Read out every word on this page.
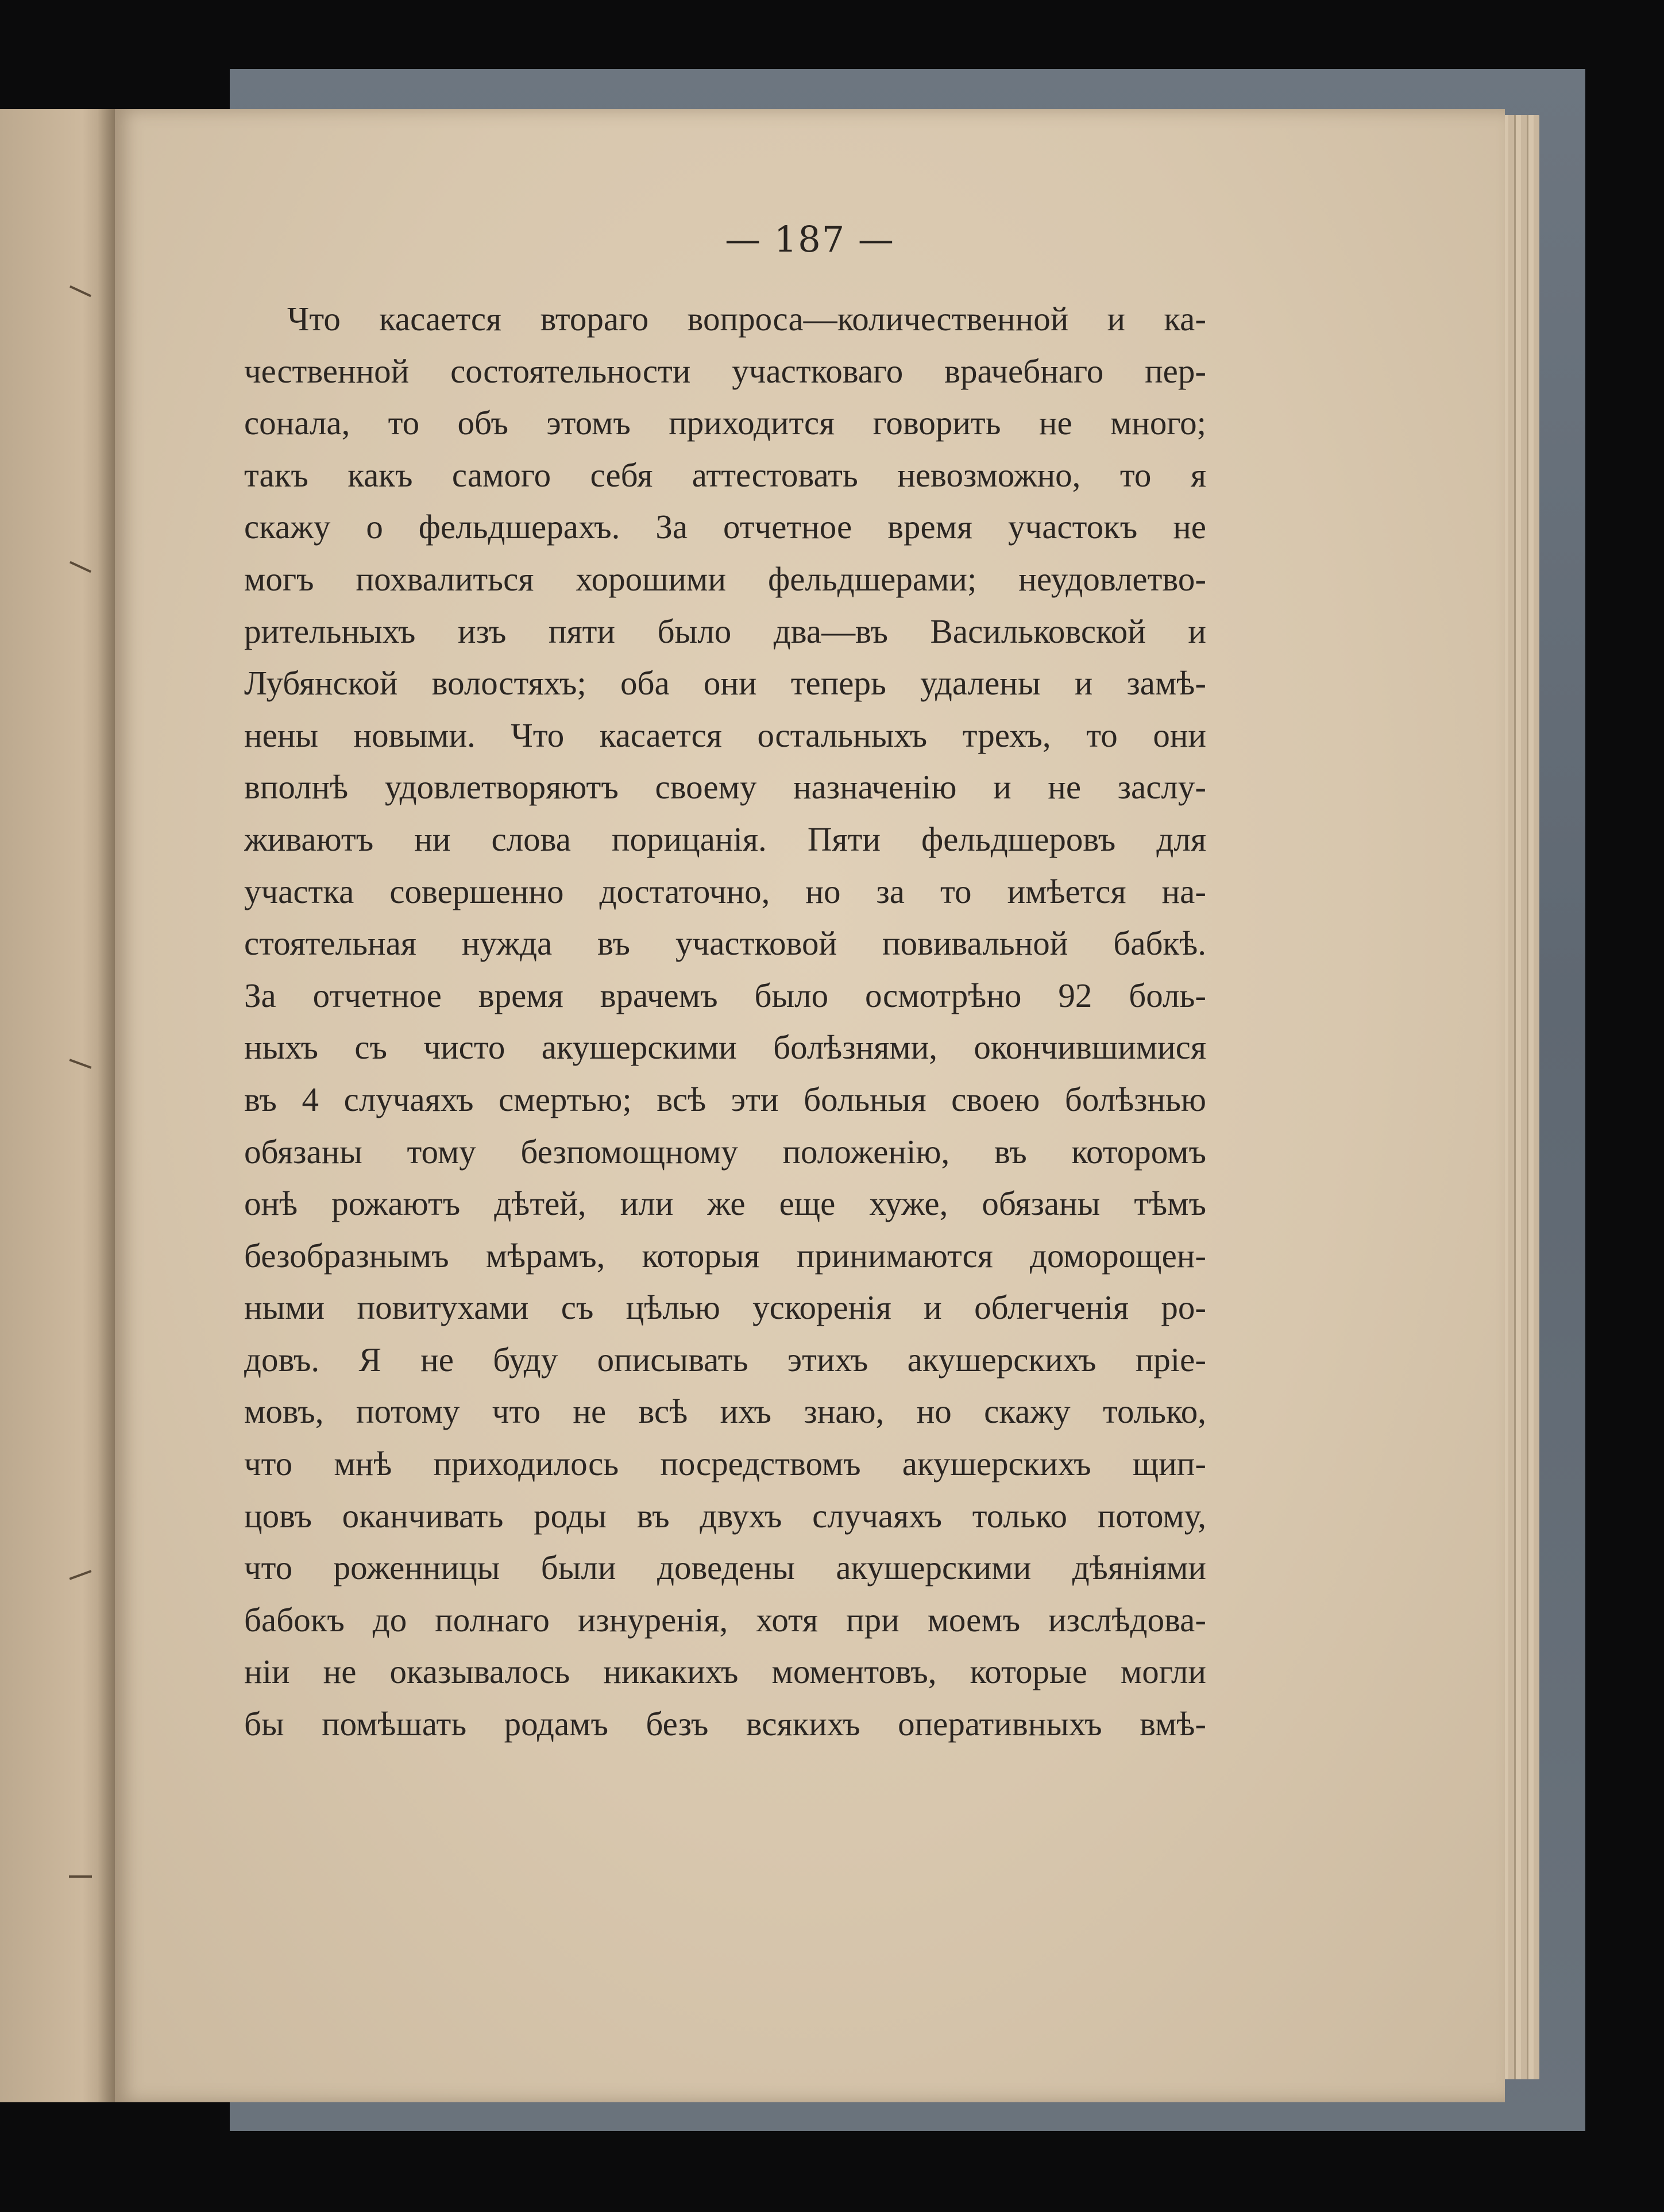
— 187 —
Что касается втораго вопроса—количественной и ка-
чественной состоятельности участковаго врачебнаго пер-
сонала, то объ этомъ приходится говорить не много;
такъ какъ самого себя аттестовать невозможно, то я
скажу о фельдшерахъ. За отчетное время участокъ не
могъ похвалиться хорошими фельдшерами; неудовлетво-
рительныхъ изъ пяти было два—въ Васильковской и
Лубянской волостяхъ; оба они теперь удалены и замѣ-
нены новыми. Что касается остальныхъ трехъ, то они
вполнѣ удовлетворяютъ своему назначенію и не заслу-
живаютъ ни слова порицанія. Пяти фельдшеровъ для
участка совершенно достаточно, но за то имѣется на-
стоятельная нужда въ участковой повивальной бабкѣ.
За отчетное время врачемъ было осмотрѣно 92 боль-
ныхъ съ чисто акушерскими болѣзнями, окончившимися
въ 4 случаяхъ смертью; всѣ эти больныя своею болѣзнью
обязаны тому безпомощному положенію, въ которомъ
онѣ рожаютъ дѣтей, или же еще хуже, обязаны тѣмъ
безобразнымъ мѣрамъ, которыя принимаются доморощен-
ными повитухами съ цѣлью ускоренія и облегченія ро-
довъ. Я не буду описывать этихъ акушерскихъ пріе-
мовъ, потому что не всѣ ихъ знаю, но скажу только,
что мнѣ приходилось посредствомъ акушерскихъ щип-
цовъ оканчивать роды въ двухъ случаяхъ только потому,
что роженницы были доведены акушерскими дѣяніями
бабокъ до полнаго изнуренія, хотя при моемъ изслѣдова-
ніи не оказывалось никакихъ моментовъ, которые могли
бы помѣшать родамъ безъ всякихъ оперативныхъ вмѣ-
